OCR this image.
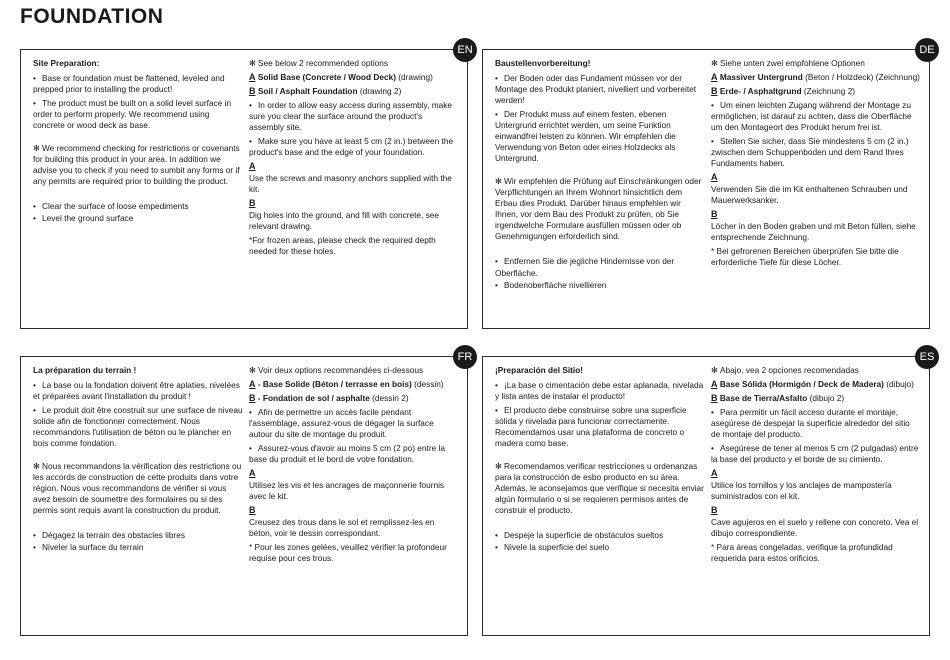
FOUNDATION
EN
Site Preparation:
• Base or foundation must be flattened, leveled and prepped prior to installing the product!
• The product must be built on a solid level surface in order to perform properly. We recommend using concrete or wood deck as base.
✻ We recommend checking for restrictions or covenants for building this product in your area. In addition we advise you to check if you need to sumbit any forms or if any permits are required prior to building the product.
• Clear the surface of loose empediments
• Level the ground surface
✻ See below 2 recommended options
A Solid Base (Concrete / Wood Deck) (drawing)
B Soil / Asphalt Foundation (drawing 2)
• In order to allow easy access during assembly, make sure you clear the surface around the product's assembly site.
• Make sure you have at least 5 cm (2 in.) between the product's base and the edge of your foundation.
A
Use the screws and masonry anchors supplied with the kit.
B
Dig holes into the ground, and fill with concrete, see relevant drawing.
*For frozen areas, please check the required depth needed for these holes.
DE
Baustellenvorbereitung!
• Der Boden oder das Fundament müssen vor der Montage des Produkt planiert, nivelliert und vorbereitet werden!
• Der Produkt muss auf einem festen, ebenen Untergrund errichtet werden, um seine Funktion einwandfrei leisten zu können. Wir empfehlen die Verwendung von Beton oder eines Holzdecks als Untergrund.
✻ Wir empfehlen die Prüfung auf Einschränkungen oder Verpflichtungen an Ihrem Wohnort hinsichtlich dem Erbau dies Produkt. Darüber hinaus empfehlen wir Ihnen, vor dem Bau des Produkt zu prüfen, ob Sie irgendwelche Formulare ausfüllen müssen oder ob Genehmigungen erforderlich sind.
• Entfernen Sie die jegliche Hindernisse von der Oberfläche.
• Bodenoberfläche nivellieren
✻ Siehe unten zwei empfohlene Optionen
A Massiver Untergrund (Beton / Holzdeck) (Zeichnung)
B Erde- / Asphaltgrund (Zeichnung 2)
• Um einen leichten Zugang während der Montage zu ermöglichen, ist darauf zu achten, dass die Oberfläche um den Montageort des Produkt herum frei ist.
• Stellen Sie sicher, dass Sie mindestens 5 cm (2 in.) zwischen dem Schuppenboden und dem Rand Ihres Fundaments haben.
A
Verwenden Sie die im Kit enthaltenen Schrauben und Mauerwerksanker.
B
Löcher in den Boden graben und mit Beton füllen, siehe entsprechende Zeichnung.
* Bei gefrorenen Bereichen überprüfen Sie bitte die erforderliche Tiefe für diese Löcher.
FR
La préparation du terrain !
• La base ou la fondation doivent être aplaties, nivelées et préparées avant l'installation du produit !
• Le produit doit être construit sur une surface de niveau solide afin de fonctionner correctement. Nous recommandons l'utilisation de béton ou le plancher en bois comme fondation.
✻ Nous recommandons la vérification des restrictions ou les accords de construction de cette produits dans votre région. Nous vous recommandons de vérifier si vous avez besoin de soumettre des formulaires ou si des permis sont requis avant la construction du produit.
• Dégagez la terrain des obstacles libres
• Niveler la surface du terrain
✻ Voir deux options recommandées ci-dessous
A - Base Solide (Béton / terrasse en bois) (dessin)
B - Fondation de sol / asphalte (dessin 2)
• Afin de permettre un accès facile pendant l'assemblage, assurez-vous de dégager la surface autour du site de montage du produit.
• Assurez-vous d'avoir au moins 5 cm (2 po) entre la base du produit et le bord de votre fondation.
A
Utilisez les vis et les ancrages de maçonnerie fournis avec le kit.
B
Creusez des trous dans le sol et remplissez-les en béton, voir le dessin correspondant.
* Pour les zones gelées, veuillez vérifier la profondeur requise pour ces trous.
ES
¡Preparación del Sitio!
• ¡La base o cimentación debe estar aplanada, nivelada y lista antes de instalar el producto!
• El producto debe construirse sobre una superficie sólida y nivelada para funcionar correctamente. Recomendamos usar una plataforma de concreto o madera como base.
✻ Recomendamos verificar restricciones u ordenanzas para la construcción de esbo producto en su área. Además, le aconsejamos que verifique si necesita enviar algún formulario o si se requieren permisos antes de construir el producto.
• Despeje la superficie de obstáculos sueltos
• Nivele la superficie del suelo
✻ Abajo, vea 2 opciones recomendadas
A Base Sólida (Hormigón / Deck de Madera) (dibujo)
B Base de Tierra/Asfalto (dibujo 2)
• Para permitir un fácil acceso durante el montaje, asegúrese de despejar la superficie alrededor del sitio de montaje del producto.
• Asegúrese de tener al menos 5 cm (2 pulgadas) entre la base del producto y el borde de su cimiento.
A
Utilice los tornillos y los anclajes de mampostería suministrados con el kit.
B
Cave agujeros en el suelo y rellene con concreto. Vea el dibujo correspondiente.
* Para áreas congeladas, verifique la profundidad requerida para estos orificios.
